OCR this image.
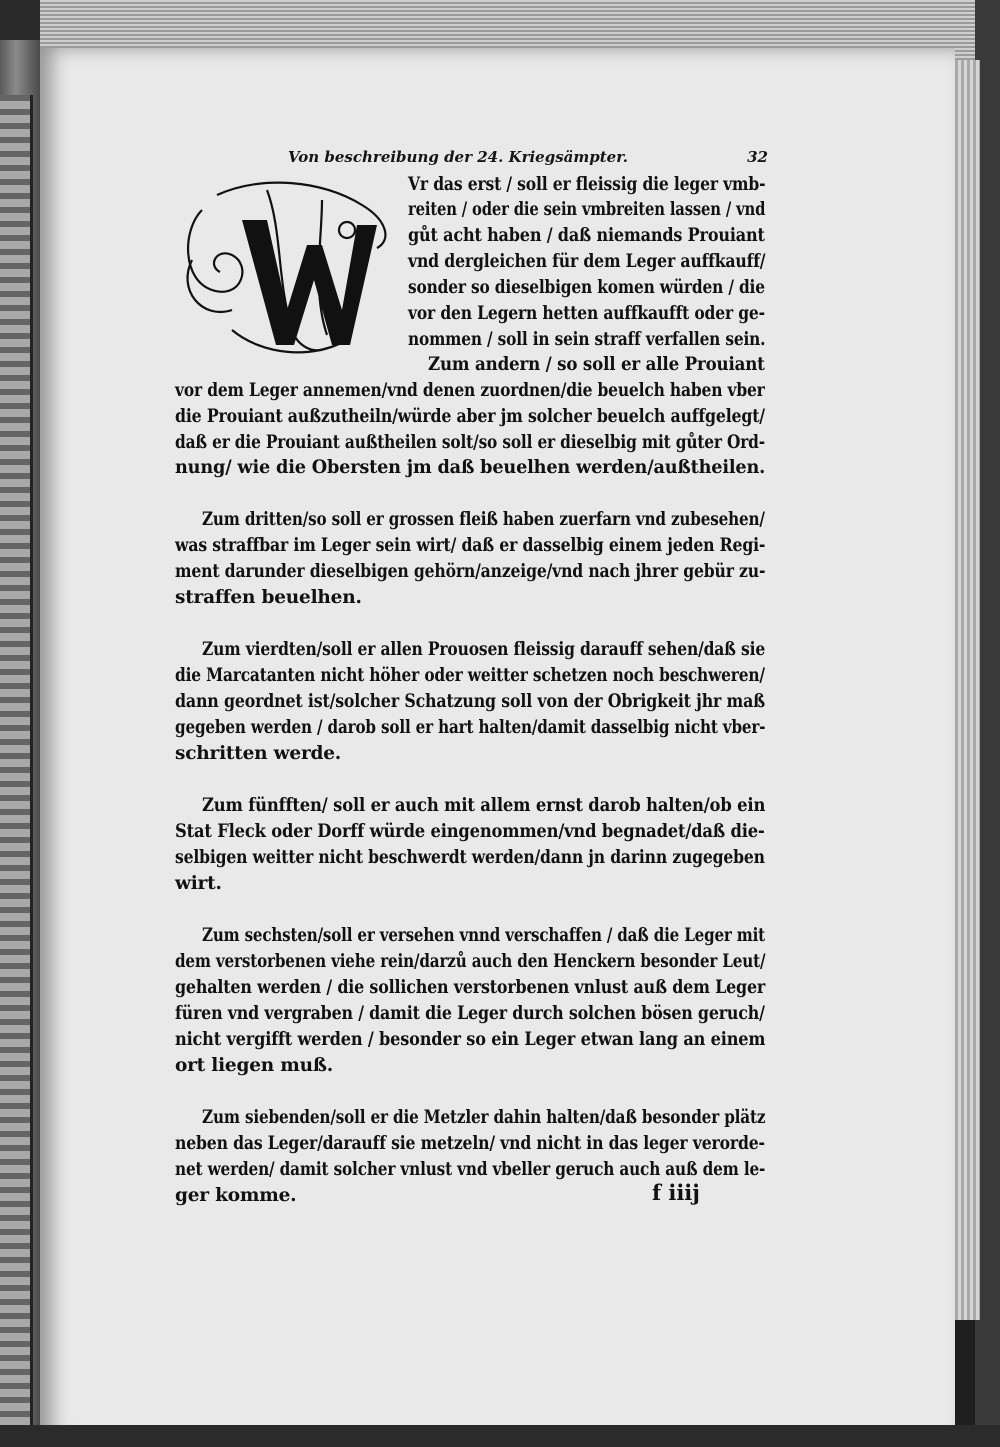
Von beschreibung der 24. Kriegsämpter.	32
Vr das erst / soll er fleissig die leger vmb-
reiten / oder die sein vmbreiten lassen / vnd
gůt acht haben / daß niemands Prouiant
vnd dergleichen für dem Leger auffkauff/
sonder so dieselbigen komen würden / die
vor den Legern hetten auffkaufft oder ge-
nommen / soll in sein straff verfallen sein.
Zum andern / so soll er alle Prouiant
vor dem Leger annemen/vnd denen zuordnen/die beuelch haben vber
die Prouiant außzutheiln/würde aber jm solcher beuelch auffgelegt/
daß er die Prouiant außtheilen solt/so soll er dieselbig mit gůter Ord-
nung/ wie die Obersten jm daß beuelhen werden/außtheilen.
Zum dritten/so soll er grossen fleiß haben zuerfarn vnd zubesehen/
was straffbar im Leger sein wirt/ daß er dasselbig einem jeden Regi-
ment darunder dieselbigen gehörn/anzeige/vnd nach jhrer gebür zu-
straffen beuelhen.
Zum vierdten/soll er allen Prouosen fleissig darauff sehen/daß sie
die Marcatanten nicht höher oder weitter schetzen noch beschweren/
dann geordnet ist/solcher Schatzung soll von der Obrigkeit jhr maß
gegeben werden / darob soll er hart halten/damit dasselbig nicht vber-
schritten werde.
Zum fünfften/ soll er auch mit allem ernst darob halten/ob ein
Stat Fleck oder Dorff würde eingenommen/vnd begnadet/daß die-
selbigen weitter nicht beschwerdt werden/dann jn darinn zugegeben
wirt.
Zum sechsten/soll er versehen vnnd verschaffen / daß die Leger mit
dem verstorbenen viehe rein/darzů auch den Henckern besonder Leut/
gehalten werden / die sollichen verstorbenen vnlust auß dem Leger
füren vnd vergraben / damit die Leger durch solchen bösen geruch/
nicht vergifft werden / besonder so ein Leger etwan lang an einem
ort liegen muß.
Zum siebenden/soll er die Metzler dahin halten/daß besonder plätz
neben das Leger/darauff sie metzeln/ vnd nicht in das leger verorde-
net werden/ damit solcher vnlust vnd vbeller geruch auch auß dem le-
ger komme.	f iiij
